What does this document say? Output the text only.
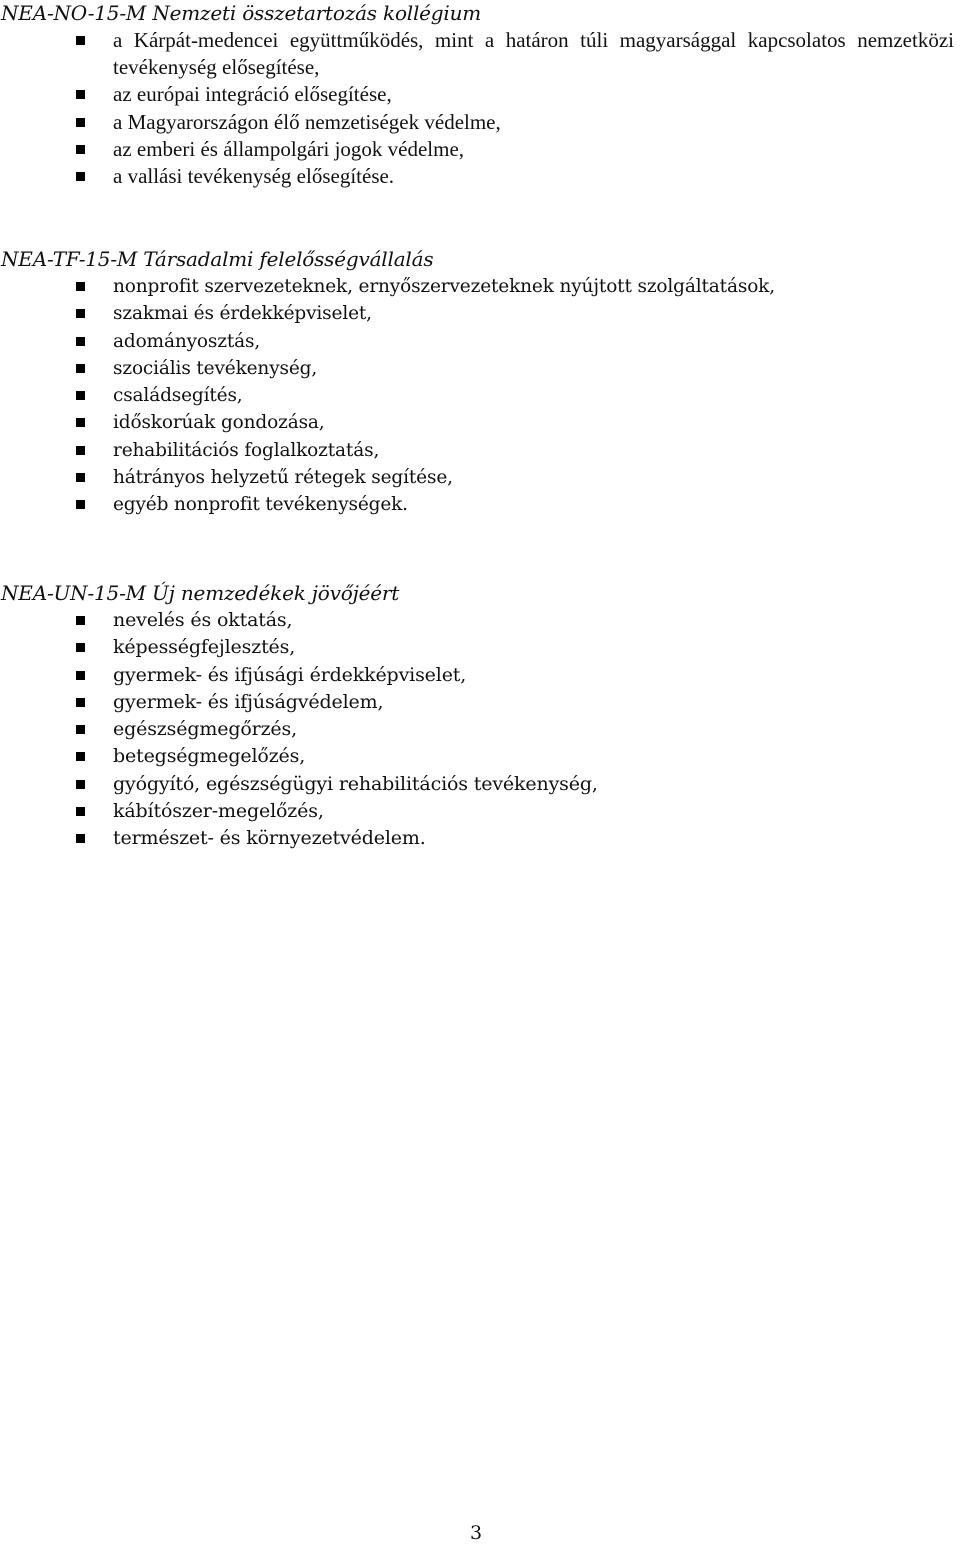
NEA-NO-15-M Nemzeti összetartozás kollégium
a Kárpát-medencei együttműködés, mint a határon túli magyarsággal kapcsolatos nemzetközi tevékenység elősegítése,
az európai integráció elősegítése,
a Magyarországon élő nemzetiségek védelme,
az emberi és állampolgári jogok védelme,
a vallási tevékenység elősegítése.
NEA-TF-15-M Társadalmi felelősségvállalás
nonprofit szervezeteknek, ernyőszervezeteknek nyújtott szolgáltatások,
szakmai és érdekképviselet,
adományosztás,
szociális tevékenység,
családsegítés,
időskorúak gondozása,
rehabilitációs foglalkoztatás,
hátrányos helyzetű rétegek segítése,
egyéb nonprofit tevékenységek.
NEA-UN-15-M Új nemzedékek jövőjéért
nevelés és oktatás,
képességfejlesztés,
gyermek- és ifjúsági érdekképviselet,
gyermek- és ifjúságvédelem,
egészségmegőrzés,
betegségmegelőzés,
gyógyító, egészségügyi rehabilitációs tevékenység,
kábítószer-megelőzés,
természet- és környezetvédelem.
3
